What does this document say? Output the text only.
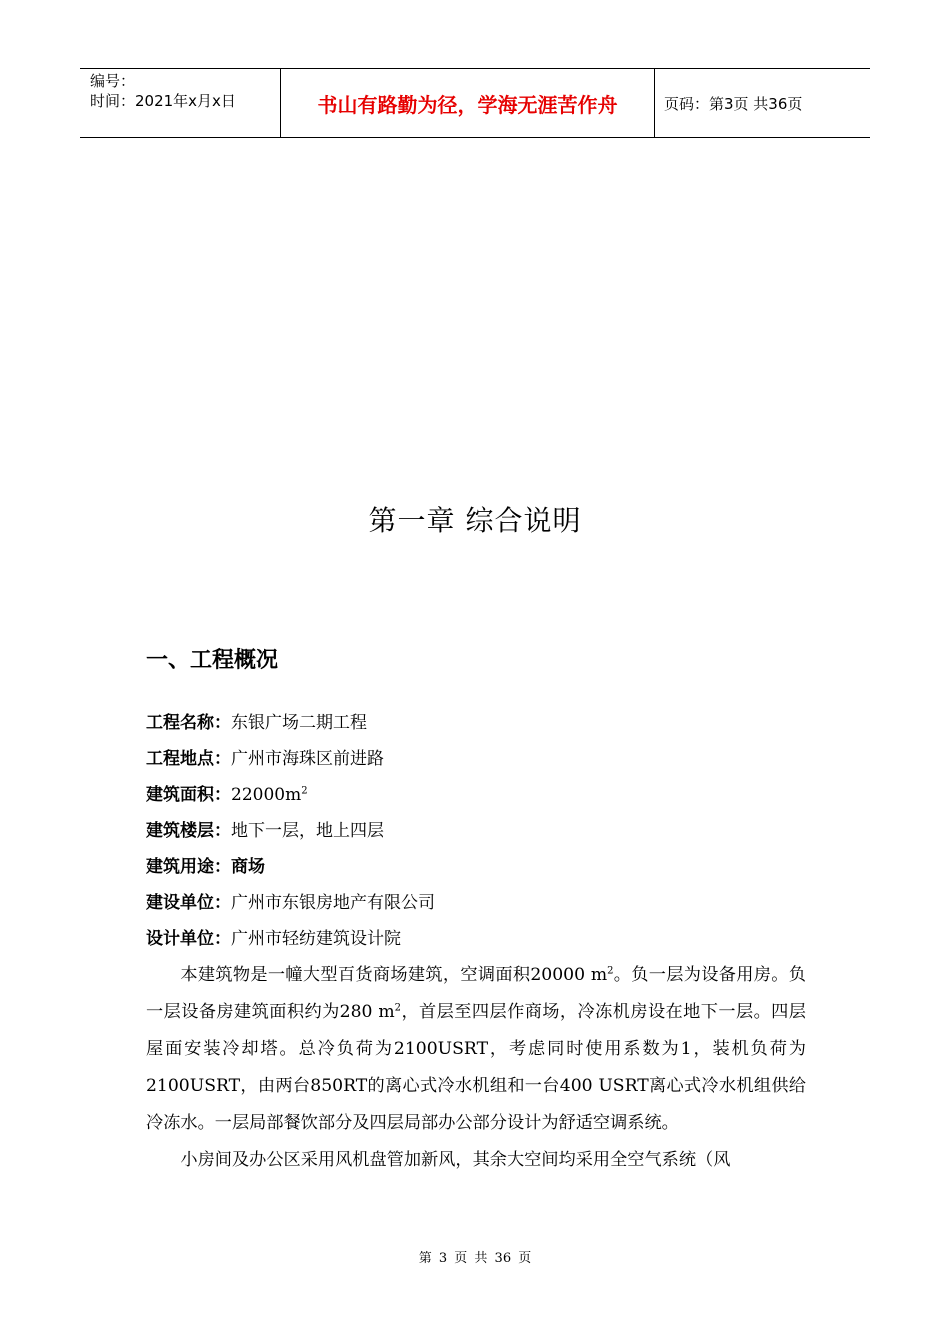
编号：
时间：2021年x月x日	书山有路勤为径，学海无涯苦作舟	页码：第3页 共36页
第一章 综合说明
一、工程概况
工程名称：东银广场二期工程
工程地点：广州市海珠区前进路
建筑面积：$22000m^2$
建筑楼层：地下一层，地上四层
建筑用途：商场
建设单位：广州市东银房地产有限公司
设计单位：广州市轻纺建筑设计院

本建筑物是一幢大型百货商场建筑，空调面积20000 $m^2$。负一层为设备用房。负一层设备房建筑面积约为280 $m^2$，首层至四层作商场，冷冻机房设在地下一层。四层屋面安装冷却塔。总冷负荷为2100USRT，考虑同时使用系数为1，装机负荷为2100USRT，由两台850RT的离心式冷水机组和一台400 USRT离心式冷水机组供给冷冻水。一层局部餐饮部分及四层局部办公部分设计为舒适空调系统。

小房间及办公区采用风机盘管加新风，其余大空间均采用全空气系统（风

第 3 页 共 36 页
